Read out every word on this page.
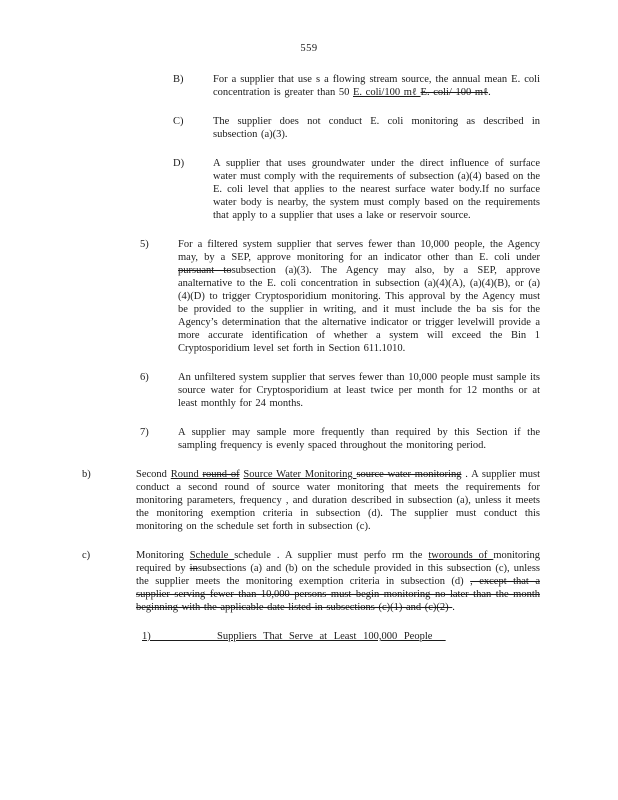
559
B)	For a supplier that use s a flowing stream source, the annual mean E. coli concentration is greater than 50 E. coli/100 mℓ E. coli/ 100 mℓ.
C)	The supplier does not conduct E. coli monitoring as described in subsection (a)(3).
D)	A supplier that uses groundwater under the direct influence of surface water must comply with the requirements of subsection (a)(4) based on the E. coli level that applies to the nearest surface water body.If no surface water body is nearby, the system must comply based on the requirements that apply to a supplier that uses a lake or reservoir source.
5)	For a filtered system supplier that serves fewer than 10,000 people, the Agency may, by a SEP, approve monitoring for an indicator other than E. coli under pursuant tosubsection (a)(3). The Agency may also, by a SEP, approve analternative to the E. coli concentration in subsection (a)(4)(A), (a)(4)(B), or (a)(4)(D) to trigger Cryptosporidium monitoring. This approval by the Agency must be provided to the supplier in writing, and it must include the ba sis for the Agency’s determination that the alternative indicator or trigger levelwill provide a more accurate identification of whether a system will exceed the Bin 1 Cryptosporidium level set forth in Section 611.1010.
6)	An unfiltered system supplier that serves fewer than 10,000 people must sample its source water for Cryptosporidium at least twice per month for 12 months or at least monthly for 24 months.
7)	A supplier may sample more frequently than required by this Section if the sampling frequency is evenly spaced throughout the monitoring period.
b)	Second Round round of Source Water Monitoring source water monitoring . A supplier must conduct a second round of source water monitoring that meets the requirements for monitoring parameters, frequency , and duration described in subsection (a), unless it meets the monitoring exemption criteria in subsection (d). The supplier must conduct this monitoring on the schedule set forth in subsection (c).
c)	Monitoring Schedule schedule . A supplier must perfo rm the tworounds of monitoring required by insubsections (a) and (b) on the schedule provided in this subsection (c), unless the supplier meets the monitoring exemption criteria in subsection (d) , except that a supplier serving fewer than 10,000 persons must begin monitoring no later than the month beginning with the applicable date listed in subsections (c)(1) and (c)(2) .
1)          Suppliers That Serve at Least 100,000 People
